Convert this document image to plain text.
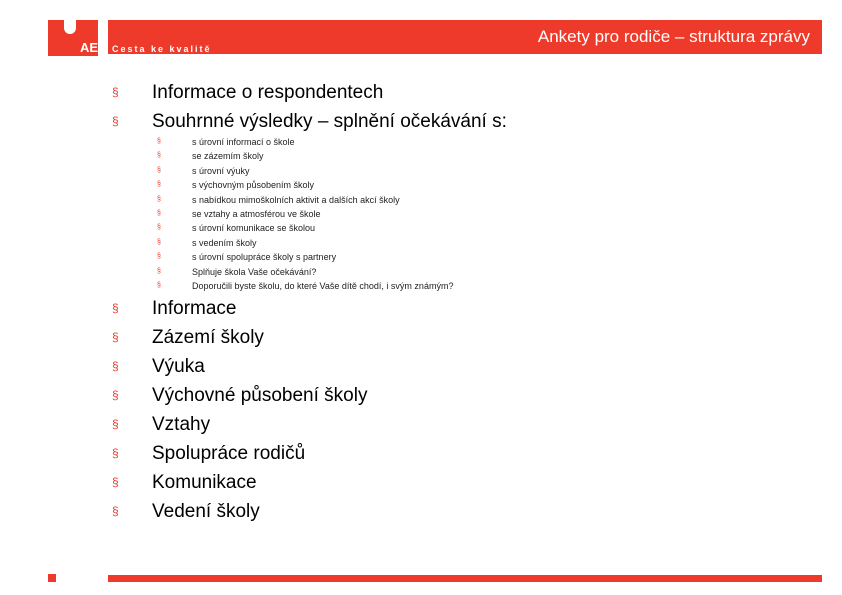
AE Cesta ke kvalitě
Ankety pro rodiče – struktura zprávy
§ Informace o respondentech
§ Souhrnné výsledky – splnění očekávání s:
§	s úrovní informací o škole
§	se zázemím školy
§	s úrovní výuky
§	s výchovným působením školy
§	s nabídkou mimoškolních aktivit a dalších akcí školy
§	se vztahy a atmosférou ve škole
§	s úrovní komunikace se školou
§	s vedením školy
§	s úrovní spolupráce školy s partnery
§	Splňuje škola Vaše očekávání?
§	Doporučili byste školu, do které Vaše dítě chodí, i svým známým?
§ Informace
§ Zázemí školy
§ Výuka
§ Výchovné působení školy
§ Vztahy
§ Spolupráce rodičů
§ Komunikace
§ Vedení školy
